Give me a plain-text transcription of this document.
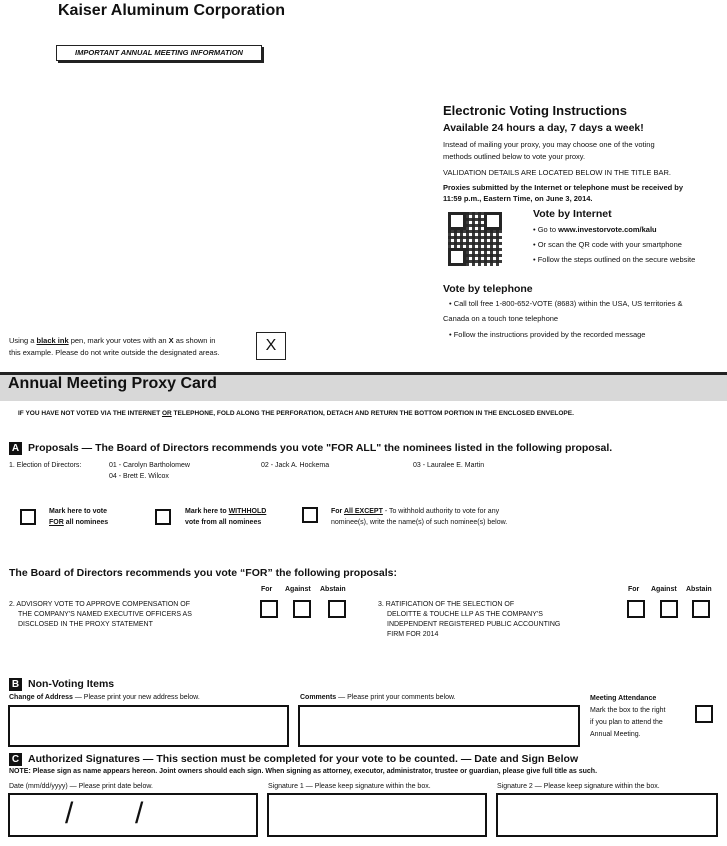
Kaiser Aluminum Corporation
IMPORTANT ANNUAL MEETING INFORMATION
Electronic Voting Instructions
Available 24 hours a day, 7 days a week!
Instead of mailing your proxy, you may choose one of the voting
methods outlined below to vote your proxy.
VALIDATION DETAILS ARE LOCATED BELOW IN THE TITLE BAR.
Proxies submitted by the Internet or telephone must be received by
11:59 p.m., Eastern Time, on June 3, 2014.
Vote by Internet
• Go to www.investorvote.com/kalu
• Or scan the QR code with your smartphone
• Follow the steps outlined on the secure website
Vote by telephone
• Call toll free 1-800-652-VOTE (8683) within the USA, US territories &
Canada on a touch tone telephone
• Follow the instructions provided by the recorded message
Using a black ink pen, mark your votes with an X as shown in
this example. Please do not write outside the designated areas.	X
Annual Meeting Proxy Card
IF YOU HAVE NOT VOTED VIA THE INTERNET OR TELEPHONE, FOLD ALONG THE PERFORATION, DETACH AND RETURN THE BOTTOM PORTION IN THE ENCLOSED ENVELOPE.
A Proposals — The Board of Directors recommends you vote "FOR ALL" the nominees listed in the following proposal.
1. Election of Directors:	01 - Carolyn Bartholomew	02 - Jack A. Hockema	03 - Lauralee E. Martin
04 - Brett E. Wilcox
Mark here to vote
FOR all nominees
Mark here to WITHHOLD
vote from all nominees
For All EXCEPT - To withhold authority to vote for any
nominee(s), write the name(s) of such nominee(s) below.
The Board of Directors recommends you vote “FOR” the following proposals:
For Against Abstain	For Against Abstain
2. ADVISORY VOTE TO APPROVE COMPENSATION OF
THE COMPANY'S NAMED EXECUTIVE OFFICERS AS
DISCLOSED IN THE PROXY STATEMENT
3. RATIFICATION OF THE SELECTION OF
DELOITTE & TOUCHE LLP AS THE COMPANY'S
INDEPENDENT REGISTERED PUBLIC ACCOUNTING
FIRM FOR 2014
B Non-Voting Items
Change of Address — Please print your new address below.	Comments — Please print your comments below.	Meeting Attendance
Mark the box to the right
if you plan to attend the
Annual Meeting.
C Authorized Signatures — This section must be completed for your vote to be counted. — Date and Sign Below
NOTE: Please sign as name appears hereon. Joint owners should each sign. When signing as attorney, executor, administrator, trustee or guardian, please give full title as such.
Date (mm/dd/yyyy) — Please print date below.
/ /
Signature 1 — Please keep signature within the box.	Signature 2 — Please keep signature within the box.
